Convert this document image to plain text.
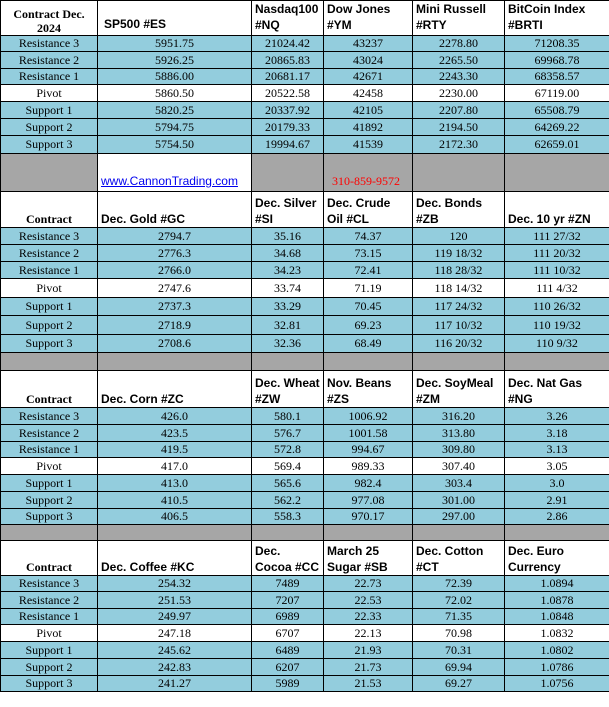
Contract Dec. 2024	SP500 #ES	Nasdaq100 #NQ	Dow Jones #YM	Mini Russell #RTY	BitCoin Index #BRTI
Resistance 3	5951.75	21024.42	43237	2278.80	71208.35
Resistance 2	5926.25	20865.83	43024	2265.50	69968.78
Resistance 1	5886.00	20681.17	42671	2243.30	68358.57
Pivot	5860.50	20522.58	42458	2230.00	67119.00
Support 1	5820.25	20337.92	42105	2207.80	65508.79
Support 2	5794.75	20179.33	41892	2194.50	64269.22
Support 3	5754.50	19994.67	41539	2172.30	62659.01
	www.CannonTrading.com		310-859-9572		
Contract	Dec. Gold #GC	Dec. Silver #SI	Dec. Crude Oil #CL	Dec. Bonds #ZB	Dec. 10 yr #ZN
Resistance 3	2794.7	35.16	74.37	120	111 27/32
Resistance 2	2776.3	34.68	73.15	119 18/32	111 20/32
Resistance 1	2766.0	34.23	72.41	118 28/32	111 10/32
Pivot	2747.6	33.74	71.19	118 14/32	111 4/32
Support 1	2737.3	33.29	70.45	117 24/32	110 26/32
Support 2	2718.9	32.81	69.23	117 10/32	110 19/32
Support 3	2708.6	32.36	68.49	116 20/32	110 9/32

Contract	Dec. Corn #ZC	Dec. Wheat #ZW	Nov. Beans #ZS	Dec. SoyMeal #ZM	Dec. Nat Gas #NG
Resistance 3	426.0	580.1	1006.92	316.20	3.26
Resistance 2	423.5	576.7	1001.58	313.80	3.18
Resistance 1	419.5	572.8	994.67	309.80	3.13
Pivot	417.0	569.4	989.33	307.40	3.05
Support 1	413.0	565.6	982.4	303.4	3.0
Support 2	410.5	562.2	977.08	301.00	2.91
Support 3	406.5	558.3	970.17	297.00	2.86

Contract	Dec. Coffee #KC	Dec. Cocoa #CC	March 25 Sugar #SB	Dec. Cotton #CT	Dec. Euro Currency
Resistance 3	254.32	7489	22.73	72.39	1.0894
Resistance 2	251.53	7207	22.53	72.02	1.0878
Resistance 1	249.97	6989	22.33	71.35	1.0848
Pivot	247.18	6707	22.13	70.98	1.0832
Support 1	245.62	6489	21.93	70.31	1.0802
Support 2	242.83	6207	21.73	69.94	1.0786
Support 3	241.27	5989	21.53	69.27	1.0756
